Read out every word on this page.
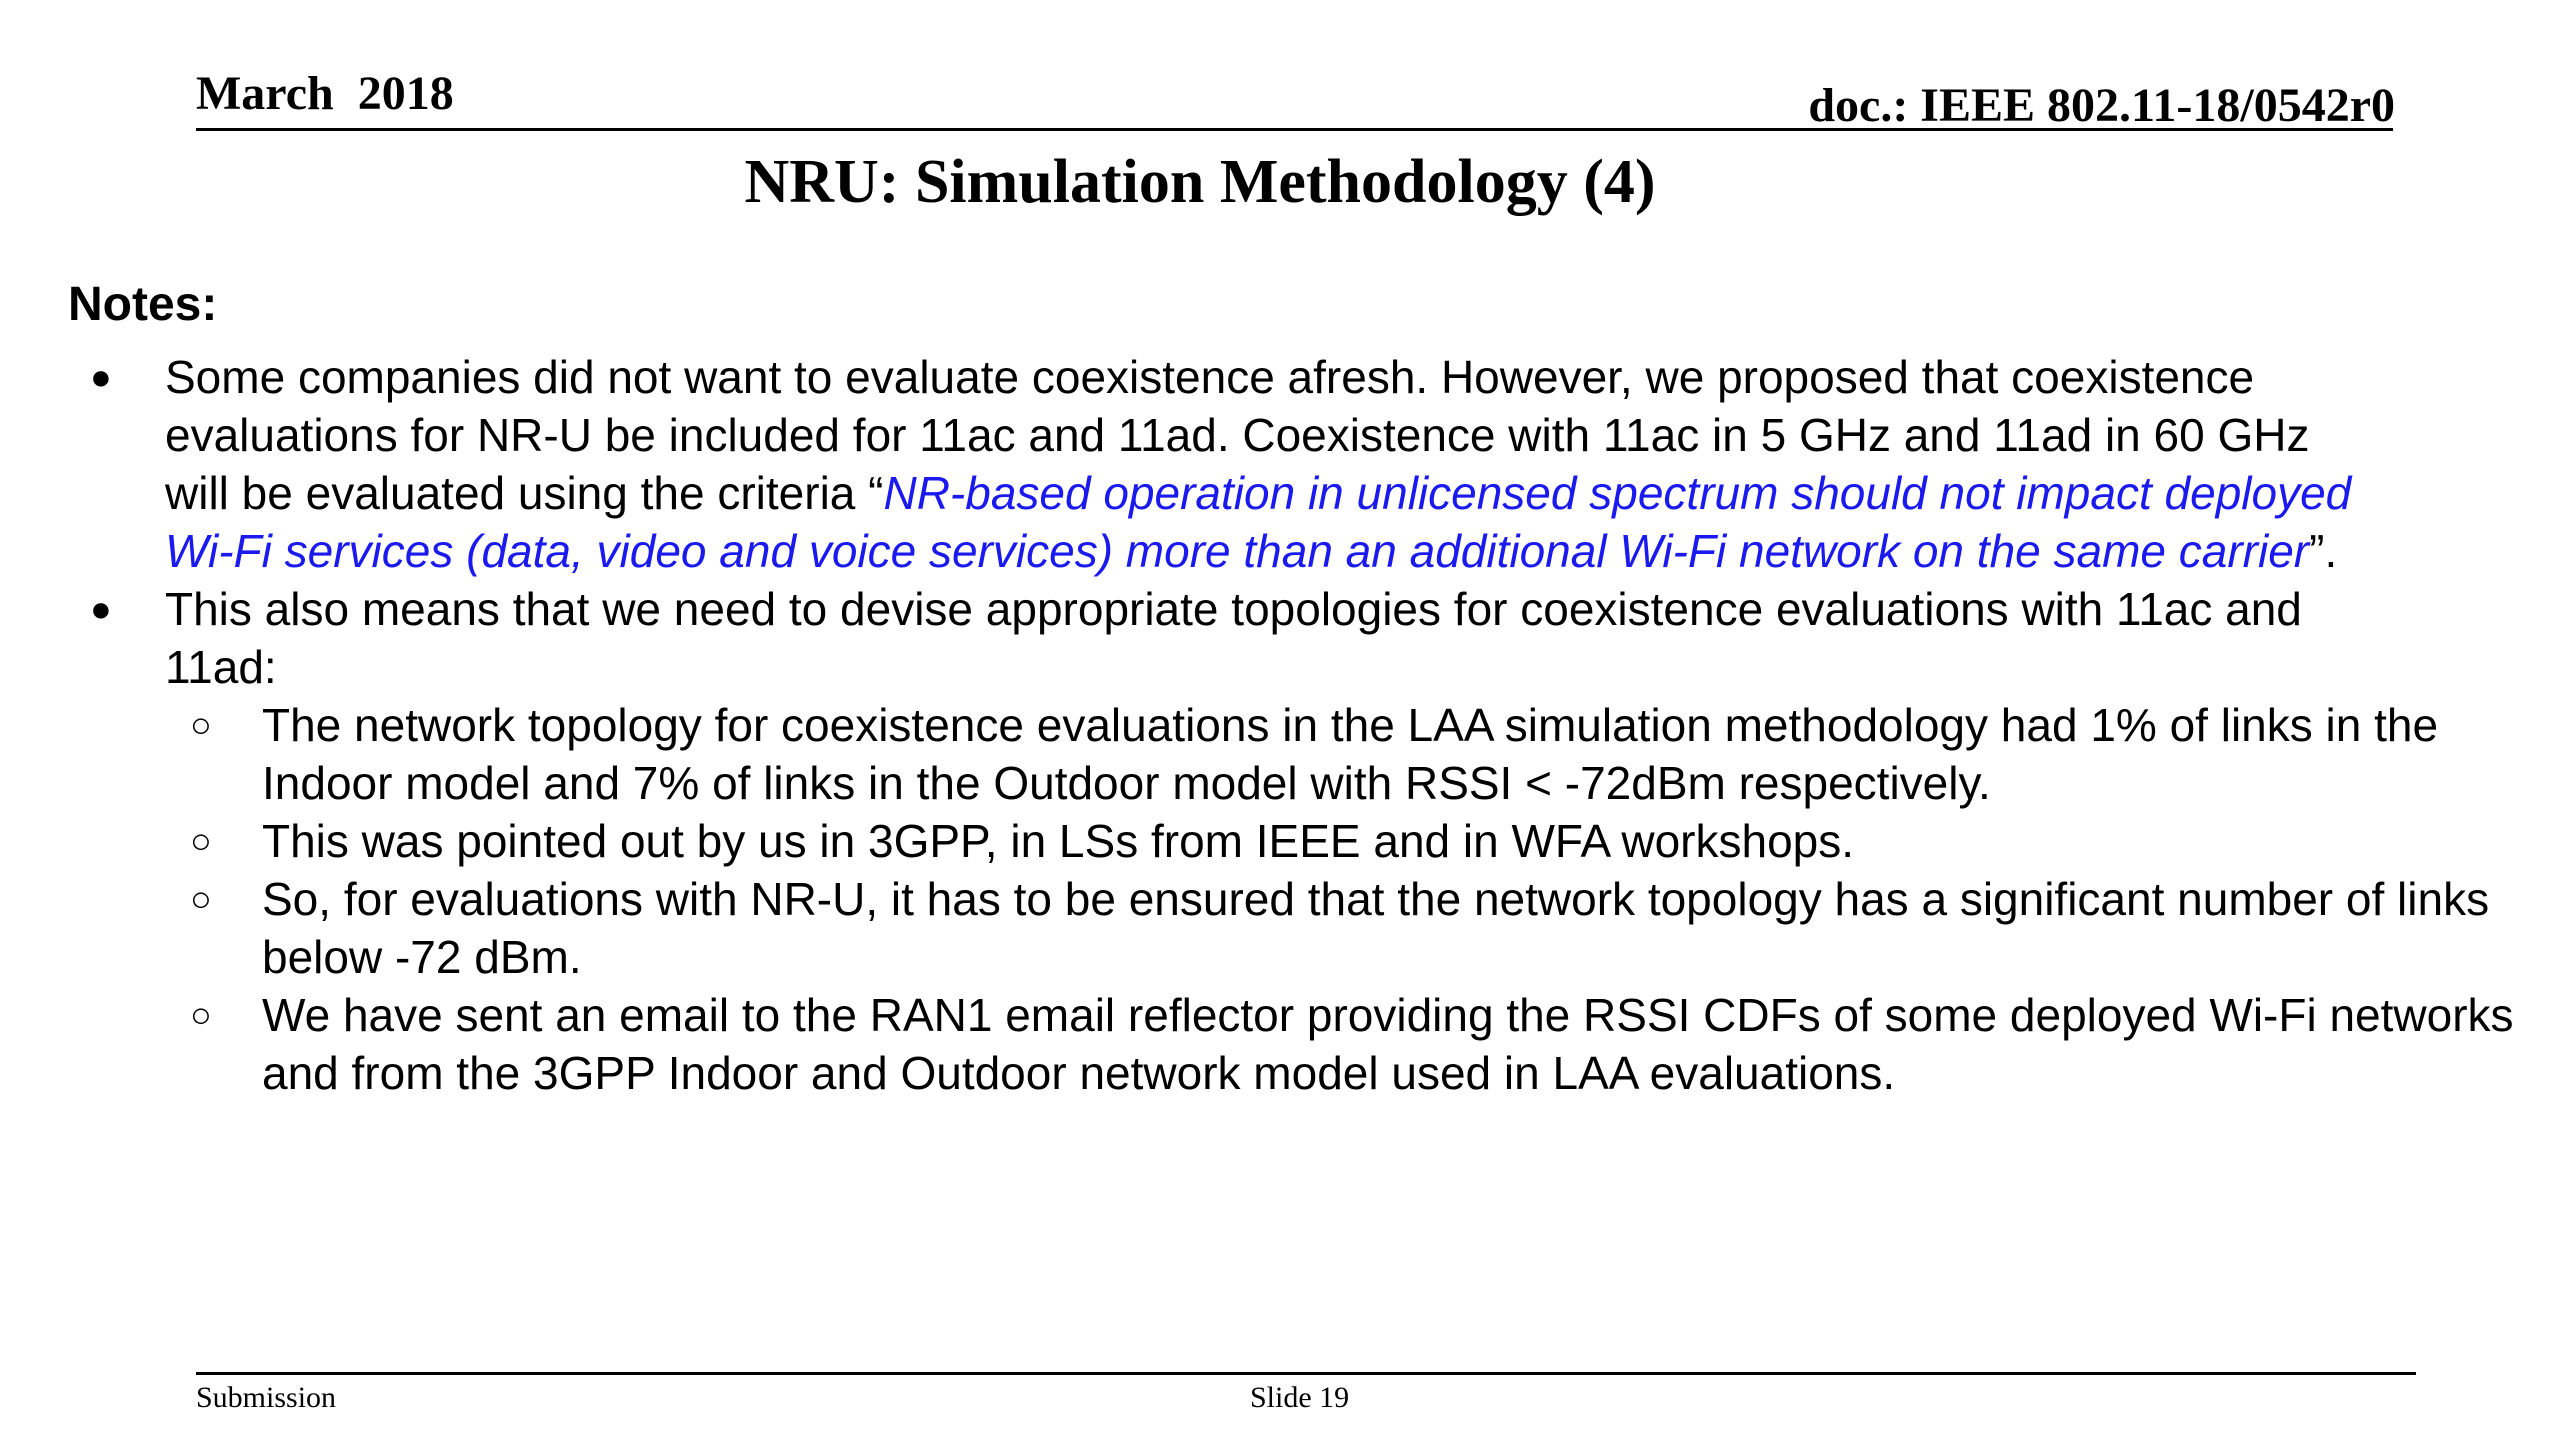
March  2018	doc.: IEEE 802.11-18/0542r0
NRU: Simulation Methodology (4)
Notes:
● Some companies did not want to evaluate coexistence afresh. However, we proposed that coexistence evaluations for NR-U be included for 11ac and 11ad. Coexistence with 11ac in 5 GHz and 11ad in 60 GHz will be evaluated using the criteria “NR-based operation in unlicensed spectrum should not impact deployed Wi-Fi services (data, video and voice services) more than an additional Wi-Fi network on the same carrier”.
● This also means that we need to devise appropriate topologies for coexistence evaluations with 11ac and 11ad:
○ The network topology for coexistence evaluations in the LAA simulation methodology had 1% of links in the Indoor model and 7% of links in the Outdoor model with RSSI < -72dBm respectively.
○ This was pointed out by us in 3GPP, in LSs from IEEE and in WFA workshops.
○ So, for evaluations with NR-U, it has to be ensured that the network topology has a significant number of links below -72 dBm.
○ We have sent an email to the RAN1 email reflector providing the RSSI CDFs of some deployed Wi-Fi networks and from the 3GPP Indoor and Outdoor network model used in LAA evaluations.
Submission	Slide 19
